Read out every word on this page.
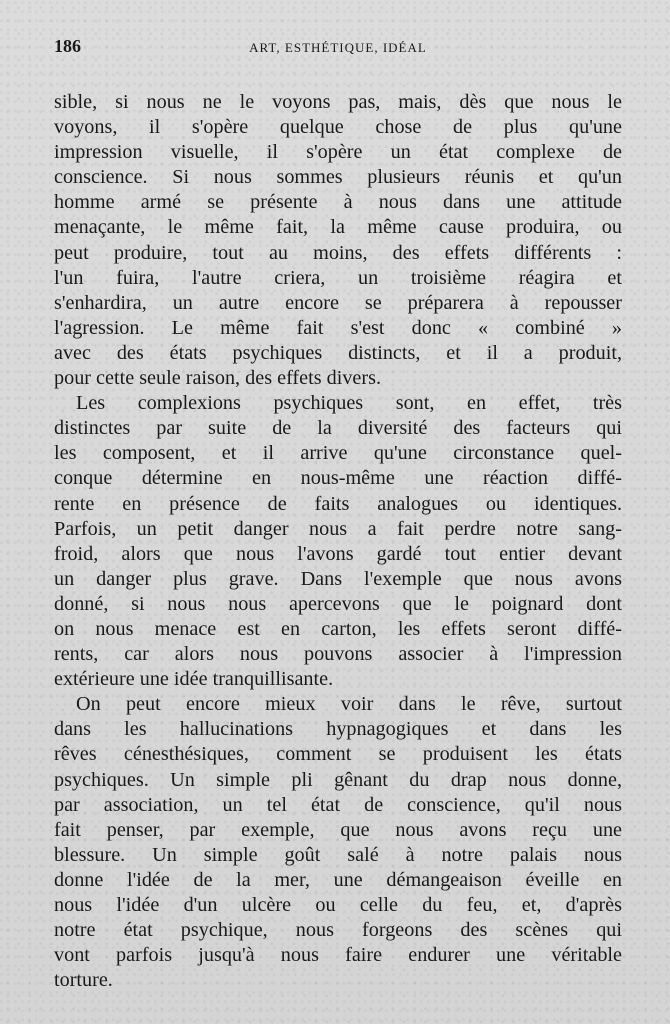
186	ART, ESTHÉTIQUE, IDÉAL
sible, si nous ne le voyons pas, mais, dès que nous le
voyons, il s'opère quelque chose de plus qu'une
impression visuelle, il s'opère un état complexe de
conscience. Si nous sommes plusieurs réunis et qu'un
homme armé se présente à nous dans une attitude
menaçante, le même fait, la même cause produira, ou
peut produire, tout au moins, des effets différents :
l'un fuira, l'autre criera, un troisième réagira et
s'enhardira, un autre encore se préparera à repousser
l'agression. Le même fait s'est donc « combiné »
avec des états psychiques distincts, et il a produit,
pour cette seule raison, des effets divers.
Les complexions psychiques sont, en effet, très
distinctes par suite de la diversité des facteurs qui
les composent, et il arrive qu'une circonstance quel-
conque détermine en nous-même une réaction diffé-
rente en présence de faits analogues ou identiques.
Parfois, un petit danger nous a fait perdre notre sang-
froid, alors que nous l'avons gardé tout entier devant
un danger plus grave. Dans l'exemple que nous avons
donné, si nous nous apercevons que le poignard dont
on nous menace est en carton, les effets seront diffé-
rents, car alors nous pouvons associer à l'impression
extérieure une idée tranquillisante.
On peut encore mieux voir dans le rêve, surtout
dans les hallucinations hypnagogiques et dans les
rêves cénesthésiques, comment se produisent les états
psychiques. Un simple pli gênant du drap nous donne,
par association, un tel état de conscience, qu'il nous
fait penser, par exemple, que nous avons reçu une
blessure. Un simple goût salé à notre palais nous
donne l'idée de la mer, une démangeaison éveille en
nous l'idée d'un ulcère ou celle du feu, et, d'après
notre état psychique, nous forgeons des scènes qui
vont parfois jusqu'à nous faire endurer une véritable
torture.
